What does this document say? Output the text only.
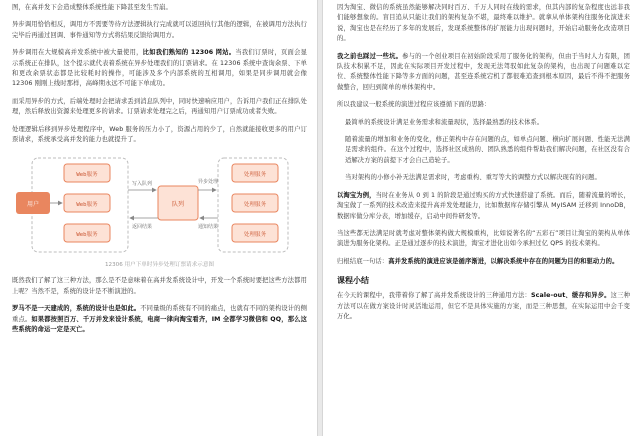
图，在高并发下会造成整体系统性能下降甚至发生雪崩。

异步调用恰恰相反，调用方不需要等待方法逻辑执行完成就可以返回执行其他的逻辑，在被调用方法执行完毕后再通过回调、事件通知等方式将结果反馈给调用方。

异步调用在大规模高并发系统中被大量使用，比如我们熟知的 12306 网站。当我们订票时，页面会显示系统正在排队，这个提示就代表着系统在异步处理我们的订票请求。在 12306 系统中查询余票、下单和更改余票状态都是比较耗时的操作，可能涉及多个内部系统的互相调用，如果是同步调用就会像 12306 刚刚上线时那样，高峰期永远不可能下单成功。

而采用异步的方式，后端处理时会把请求丢到消息队列中，同时快速响应用户，告诉用户我们正在排队处理，然后释放出资源来处理更多的请求。订票请求处理完之后，再通知用户订票成功或者失败。

处理逻辑后移到异步处理程序中，Web 服务的压力小了，资源占用的少了，自然就能接收更多的用户订票请求，系统承受高并发的能力也就提升了。

用户
Web服务
Web服务
Web服务
队列
处理服务
处理服务
处理服务
写入队列
返回结果
异步处理
通知结果
12306 用户下单时异步处理订票请求示意图

既然我们了解了这三种方法，那么是不是意味着在高并发系统设计中，开发一个系统时要把这些方法都用上呢？当然不是，系统的设计是不断演进的。

罗马不是一天建成的，系统的设计也是如此。不同量级的系统有不同的痛点，也就有不同的架构设计的侧重点。如果都按照百万、千万并发来设计系统，电商一律向淘宝看齐，IM 全都学习微信和 QQ，那么这些系统的命运一定是灭亡。

因为淘宝、微信的系统虽然能够解决同时百万、千万人同时在线的需求，但其内部的复杂程度也远非我们能够想象的。盲目追从只能让我们的架构复杂不堪，最终难以维护。就拿从单体架构往服务化演进来说，淘宝也是在经历了多年的发展后，发现系统整体的扩展能力出现问题时，开始启动服务化改造项目的。

我之前也踩过一些坑。参与的一个创业项目在初始阶段采用了服务化的架构，但由于当时人力有限，团队技术积累不足，因此在实际项目开发过程中，发现无法驾驭如此复杂的架构，也出现了问题难以定位、系统整体性能下降等多方面的问题，甚至连系统宕机了都很难追查到根本原因，最后不得不把服务做整合，回归到简单的单体架构中。

所以我建议一般系统的演进过程应该遵循下面的思路：

最简单的系统设计满足业务需求和流量现状，选择最熟悉的技术体系。

随着流量的增加和业务的变化，修正架构中存在问题的点，如单点问题、横向扩展问题、性能无法满足需求的组件。在这个过程中，选择社区成熟的、团队熟悉的组件帮助我们解决问题，在社区没有合适解决方案的前提下才会自己造轮子。

当对架构的小修小补无法满足需求时，考虑重构、重写等大的调整方式以解决现有的问题。

以淘宝为例，当时在业务从 0 到 1 的阶段是通过购买的方式快速搭建了系统。而后，随着流量的增长，淘宝做了一系列的技术改造来提升高并发处理能力，比如数据库存储引擎从 MyISAM 迁移到 InnoDB，数据库做分库分表，增加缓存，启动中间件研发等。

当这些都无法满足时就考虑对整体架构做大规模重构，比如说著名的“五彩石”项目让淘宝的架构从单体演进为服务化架构。正是通过逐步的技术演进，淘宝才进化出如今承担过亿 QPS 的技术架构。

归根结底一句话：高并发系统的演进应该是循序渐进，以解决系统中存在的问题为目的和驱动力的。

课程小结

在今天的课程中，我带着你了解了高并发系统设计的三种通用方法：Scale-out、缓存和异步。这三种方法可以在做方案设计时灵活地运用，但它不是具体实施的方案，而是三种思想，在实际运用中会千变万化。
